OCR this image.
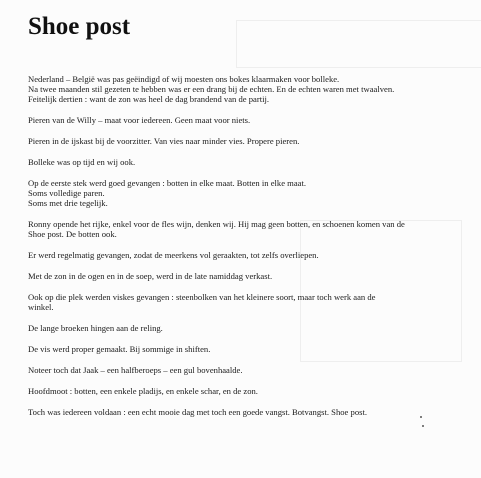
Shoe post

Nederland – België was pas geëindigd of wij moesten ons bokes klaarmaken voor bolleke.
Na twee maanden stil gezeten te hebben was er een drang bij de echten. En de echten waren met twaalven.
Feitelijk dertien : want de zon was heel de dag brandend van de partij.

Pieren van de Willy – maat voor iedereen. Geen maat voor niets.

Pieren in de ijskast bij de voorzitter. Van vies naar minder vies. Propere pieren.

Bolleke was op tijd en wij ook.

Op de eerste stek werd goed gevangen : botten in elke maat. Botten in elke maat.
Soms volledige paren.
Soms met drie tegelijk.

Ronny opende het rijke, enkel voor de fles wijn, denken wij. Hij mag geen botten, en schoenen komen van de
Shoe post. De botten ook.

Er werd regelmatig gevangen, zodat de meerkens vol geraakten, tot zelfs overliepen.

Met de zon in de ogen en in de soep, werd in de late namiddag verkast.

Ook op die plek werden viskes gevangen : steenbolken van het kleinere soort, maar toch werk aan de
winkel.

De lange broeken hingen aan de reling.

De vis werd proper gemaakt. Bij sommige in shiften.

Noteer toch dat Jaak – een halfberoeps – een gul bovenhaalde.

Hoofdmoot : botten, een enkele pladijs, en enkele schar, en de zon.

Toch was iedereen voldaan : een echt mooie dag met toch een goede vangst. Botvangst. Shoe post.
